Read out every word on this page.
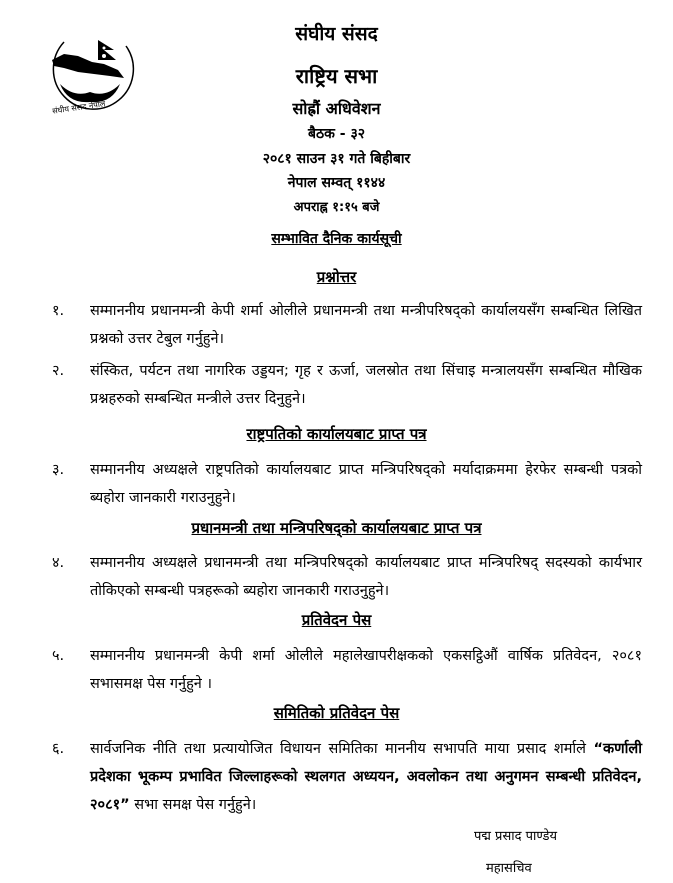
संघीय संसद नेपाल
संघीय संसद
राष्ट्रिय सभा
सोह्रौं अधिवेशन
बैठक - ३२
२०८१ साउन ३१ गते बिहीबार
नेपाल सम्वत् ११४४
अपराह्न १:१५ बजे
सम्भावित दैनिक कार्यसूची
प्रश्नोत्तर
१. सम्माननीय प्रधानमन्त्री केपी शर्मा ओलीले प्रधानमन्त्री तथा मन्त्रीपरिषद्को कार्यालयसँग सम्बन्धित लिखित प्रश्नको उत्तर टेबुल गर्नुहुने।
२. संस्कित, पर्यटन तथा नागरिक उड्डयन; गृह र ऊर्जा, जलस्रोत तथा सिंचाइ मन्त्रालयसँग सम्बन्धित मौखिक प्रश्नहरुको सम्बन्धित मन्त्रीले उत्तर दिनुहुने।
राष्ट्रपतिको कार्यालयबाट प्राप्त पत्र
३. सम्माननीय अध्यक्षले राष्ट्रपतिको कार्यालयबाट प्राप्त मन्त्रिपरिषद्को मर्यादाक्रममा हेरफेर सम्बन्धी पत्रको ब्यहोरा जानकारी गराउनुहुने।
प्रधानमन्त्री तथा मन्त्रिपरिषद्को कार्यालयबाट प्राप्त पत्र
४. सम्माननीय अध्यक्षले प्रधानमन्त्री तथा मन्त्रिपरिषद्को कार्यालयबाट प्राप्त मन्त्रिपरिषद् सदस्यको कार्यभार तोकिएको सम्बन्धी पत्रहरूको ब्यहोरा जानकारी गराउनुहुने।
प्रतिवेदन पेस
५. सम्माननीय प्रधानमन्त्री केपी शर्मा ओलीले महालेखापरीक्षकको एकसट्ठिऔं वार्षिक प्रतिवेदन, २०८१ सभासमक्ष पेस गर्नुहुने ।
समितिको प्रतिवेदन पेस
६. सार्वजनिक नीति तथा प्रत्यायोजित विधायन समितिका माननीय सभापति माया प्रसाद शर्माले “कर्णाली प्रदेशका भूकम्प प्रभावित जिल्लाहरूको स्थलगत अध्ययन, अवलोकन तथा अनुगमन सम्बन्धी प्रतिवेदन, २०८१” सभा समक्ष पेस गर्नुहुने।
पद्म प्रसाद पाण्डेय
महासचिव
